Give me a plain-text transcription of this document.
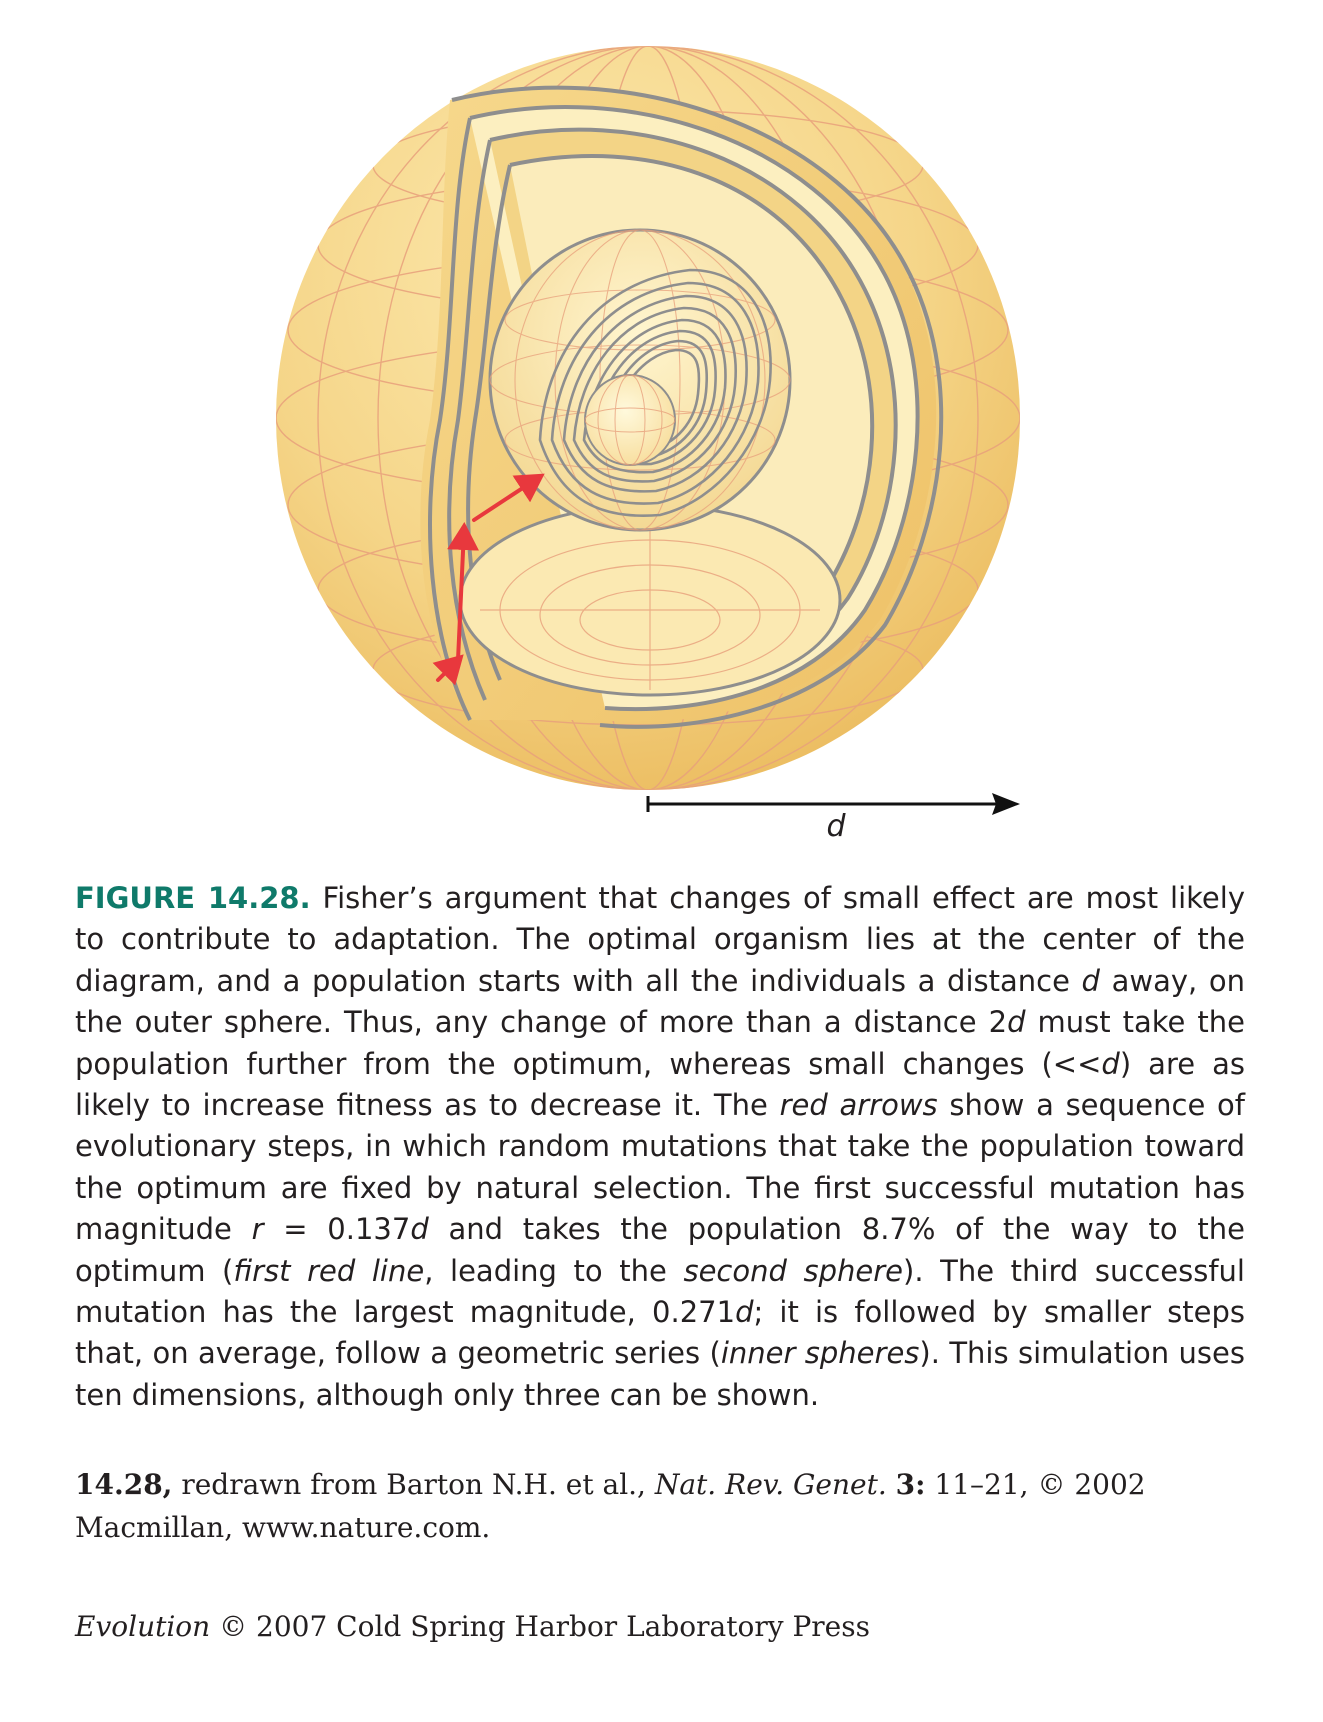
d

FIGURE 14.28. Fisher’s argument that changes of small effect are most likely to contribute to adaptation. The optimal organism lies at the center of the diagram, and a population starts with all the individuals a distance d away, on the outer sphere. Thus, any change of more than a distance 2d must take the population further from the optimum, whereas small changes (<<d) are as likely to increase fitness as to decrease it. The red arrows show a sequence of evolutionary steps, in which random mutations that take the population toward the optimum are fixed by natural selection. The first successful mutation has magnitude r = 0.137d and takes the population 8.7% of the way to the optimum (first red line, leading to the second sphere). The third successful mutation has the largest magnitude, 0.271d; it is followed by smaller steps that, on average, follow a geometric series (inner spheres). This simulation uses ten dimensions, although only three can be shown.

14.28, redrawn from Barton N.H. et al., Nat. Rev. Genet. 3: 11–21, © 2002 Macmillan, www.nature.com.

Evolution © 2007 Cold Spring Harbor Laboratory Press
